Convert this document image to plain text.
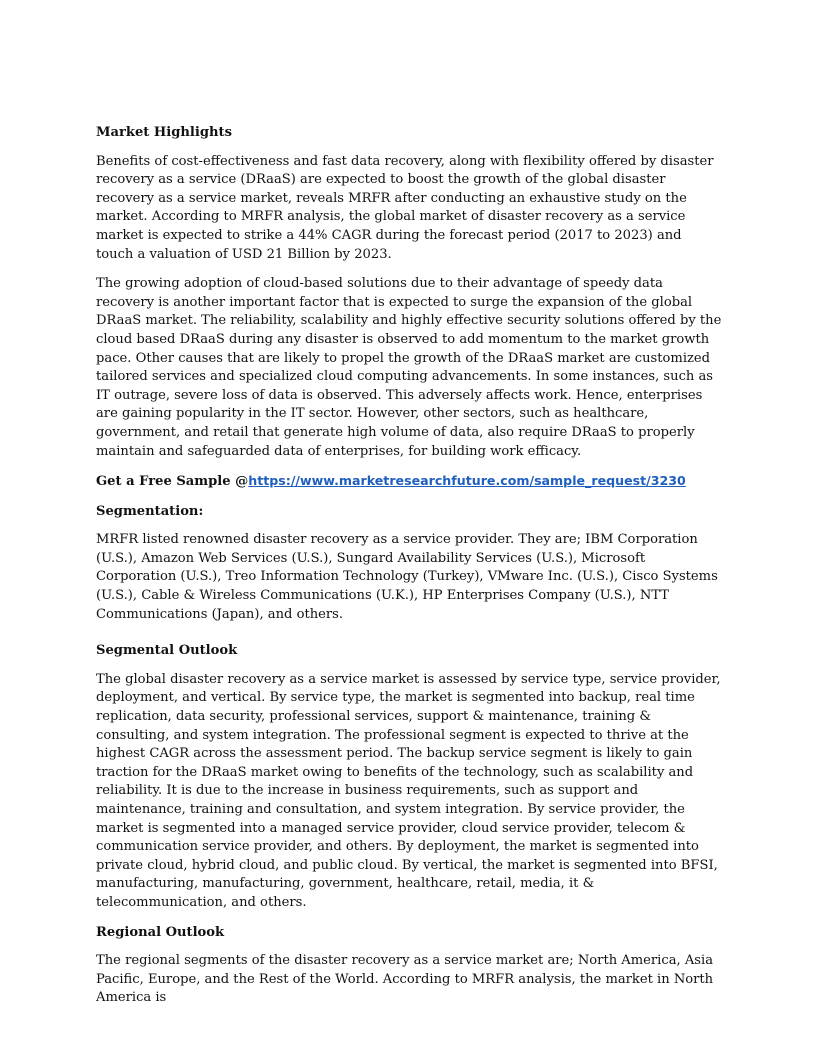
Market Highlights

Benefits of cost-effectiveness and fast data recovery, along with flexibility offered by disaster recovery as a service (DRaaS) are expected to boost the growth of the global disaster recovery as a service market, reveals MRFR after conducting an exhaustive study on the market. According to MRFR analysis, the global market of disaster recovery as a service market is expected to strike a 44% CAGR during the forecast period (2017 to 2023) and touch a valuation of USD 21 Billion by 2023.

The growing adoption of cloud-based solutions due to their advantage of speedy data recovery is another important factor that is expected to surge the expansion of the global DRaaS market. The reliability, scalability and highly effective security solutions offered by the cloud based DRaaS during any disaster is observed to add momentum to the market growth pace. Other causes that are likely to propel the growth of the DRaaS market are customized tailored services and specialized cloud computing advancements. In some instances, such as IT outrage, severe loss of data is observed. This adversely affects work. Hence, enterprises are gaining popularity in the IT sector. However, other sectors, such as healthcare, government, and retail that generate high volume of data, also require DRaaS to properly maintain and safeguarded data of enterprises, for building work efficacy.

Get a Free Sample @https://www.marketresearchfuture.com/sample_request/3230

Segmentation:

MRFR listed renowned disaster recovery as a service provider. They are; IBM Corporation (U.S.), Amazon Web Services (U.S.), Sungard Availability Services (U.S.), Microsoft Corporation (U.S.), Treo Information Technology (Turkey), VMware Inc. (U.S.), Cisco Systems (U.S.), Cable & Wireless Communications (U.K.), HP Enterprises Company (U.S.), NTT Communications (Japan), and others.

Segmental Outlook

The global disaster recovery as a service market is assessed by service type, service provider, deployment, and vertical. By service type, the market is segmented into backup, real time replication, data security, professional services, support & maintenance, training & consulting, and system integration. The professional segment is expected to thrive at the highest CAGR across the assessment period. The backup service segment is likely to gain traction for the DRaaS market owing to benefits of the technology, such as scalability and reliability. It is due to the increase in business requirements, such as support and maintenance, training and consultation, and system integration. By service provider, the market is segmented into a managed service provider, cloud service provider, telecom & communication service provider, and others. By deployment, the market is segmented into private cloud, hybrid cloud, and public cloud. By vertical, the market is segmented into BFSI, manufacturing, manufacturing, government, healthcare, retail, media, it & telecommunication, and others.

Regional Outlook

The regional segments of the disaster recovery as a service market are; North America, Asia Pacific, Europe, and the Rest of the World. According to MRFR analysis, the market in North America is
